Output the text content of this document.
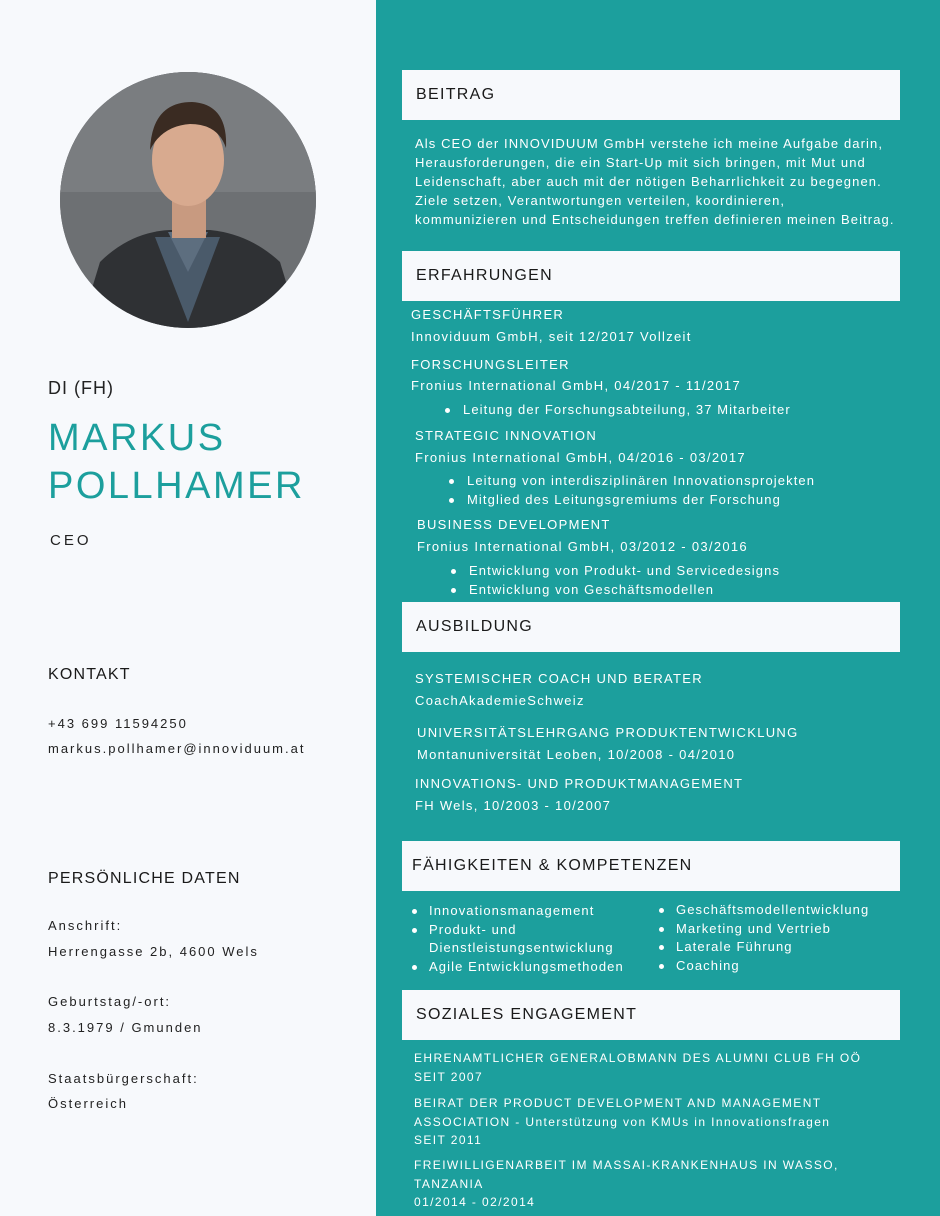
DI (FH)
MARKUS
POLLHAMER
CEO
KONTAKT
+43 699 11594250
markus.pollhamer@innoviduum.at
PERSÖNLICHE DATEN
Anschrift:
Herrengasse 2b, 4600 Wels
Geburtstag/-ort:
8.3.1979 / Gmunden
Staatsbürgerschaft:
Österreich
BEITRAG
Als CEO der INNOVIDUUM GmbH verstehe ich meine Aufgabe darin,
Herausforderungen, die ein Start-Up mit sich bringen, mit Mut und
Leidenschaft, aber auch mit der nötigen Beharrlichkeit zu begegnen.
Ziele setzen, Verantwortungen verteilen, koordinieren,
kommunizieren und Entscheidungen treffen definieren meinen Beitrag.
ERFAHRUNGEN
GESCHÄFTSFÜHRER
Innoviduum GmbH, seit 12/2017 Vollzeit
FORSCHUNGSLEITER
Fronius International GmbH, 04/2017 - 11/2017
Leitung der Forschungsabteilung, 37 Mitarbeiter
STRATEGIC INNOVATION
Fronius International GmbH, 04/2016 - 03/2017
Leitung von interdisziplinären Innovationsprojekten
Mitglied des Leitungsgremiums der Forschung
BUSINESS DEVELOPMENT
Fronius International GmbH, 03/2012 - 03/2016
Entwicklung von Produkt- und Servicedesigns
Entwicklung von Geschäftsmodellen
AUSBILDUNG
SYSTEMISCHER COACH UND BERATER
CoachAkademieSchweiz
UNIVERSITÄTSLEHRGANG PRODUKTENTWICKLUNG
Montanuniversität Leoben, 10/2008 - 04/2010
INNOVATIONS- UND PRODUKTMANAGEMENT
FH Wels, 10/2003 - 10/2007
FÄHIGKEITEN & KOMPETENZEN
Innovationsmanagement
Produkt- und Dienstleistungsentwicklung
Agile Entwicklungsmethoden
Geschäftsmodellentwicklung
Marketing und Vertrieb
Laterale Führung
Coaching
SOZIALES ENGAGEMENT
EHRENAMTLICHER GENERALOBMANN DES ALUMNI CLUB FH OÖ
SEIT 2007
BEIRAT DER PRODUCT DEVELOPMENT AND MANAGEMENT ASSOCIATION - Unterstützung von KMUs in Innovationsfragen
SEIT 2011
FREIWILLIGENARBEIT IM MASSAI-KRANKENHAUS IN WASSO, TANZANIA
01/2014 - 02/2014
